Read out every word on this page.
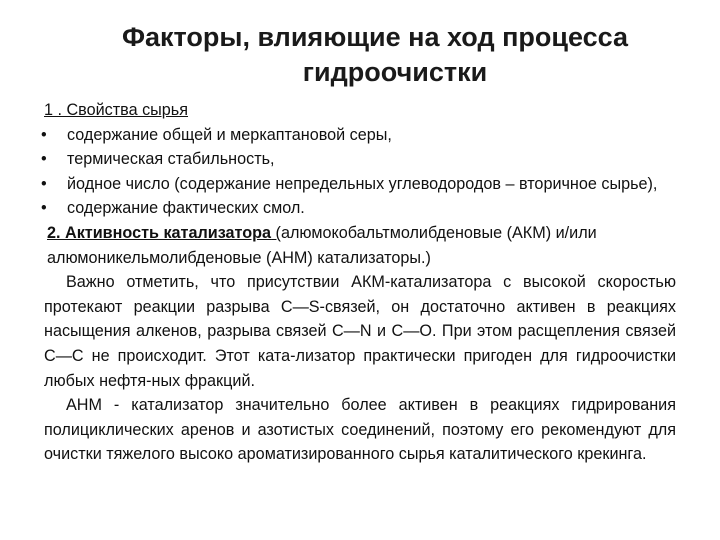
Факторы, влияющие на ход процесса
гидроочистки
1 . Свойства сырья
• содержание общей и меркаптановой серы,
• термическая стабильность,
• йодное число (содержание непредельных углеводородов – вторичное сырье),
• содержание фактических смол.
2. Активность катализатора (алюмокобальтмолибденовые (АКМ) и/или алюмоникельмолибденовые (АНМ) катализаторы.)
Важно отметить, что присутствии АКМ-катализатора с высокой скоростью протекают реакции разрыва С—S-связей, он достаточно активен в реакциях насыщения алкенов, разрыва связей С—N и С—О. При этом расщепления связей С—С не происходит. Этот ката-лизатор практически пригоден для гидроочистки любых нефтя-ных фракций.
АНМ - катализатор значительно более активен в реакциях гидрирования полициклических аренов и азотистых соединений, поэтому его рекомендуют для очистки тяжелого высоко ароматизированного сырья каталитического крекинга.
